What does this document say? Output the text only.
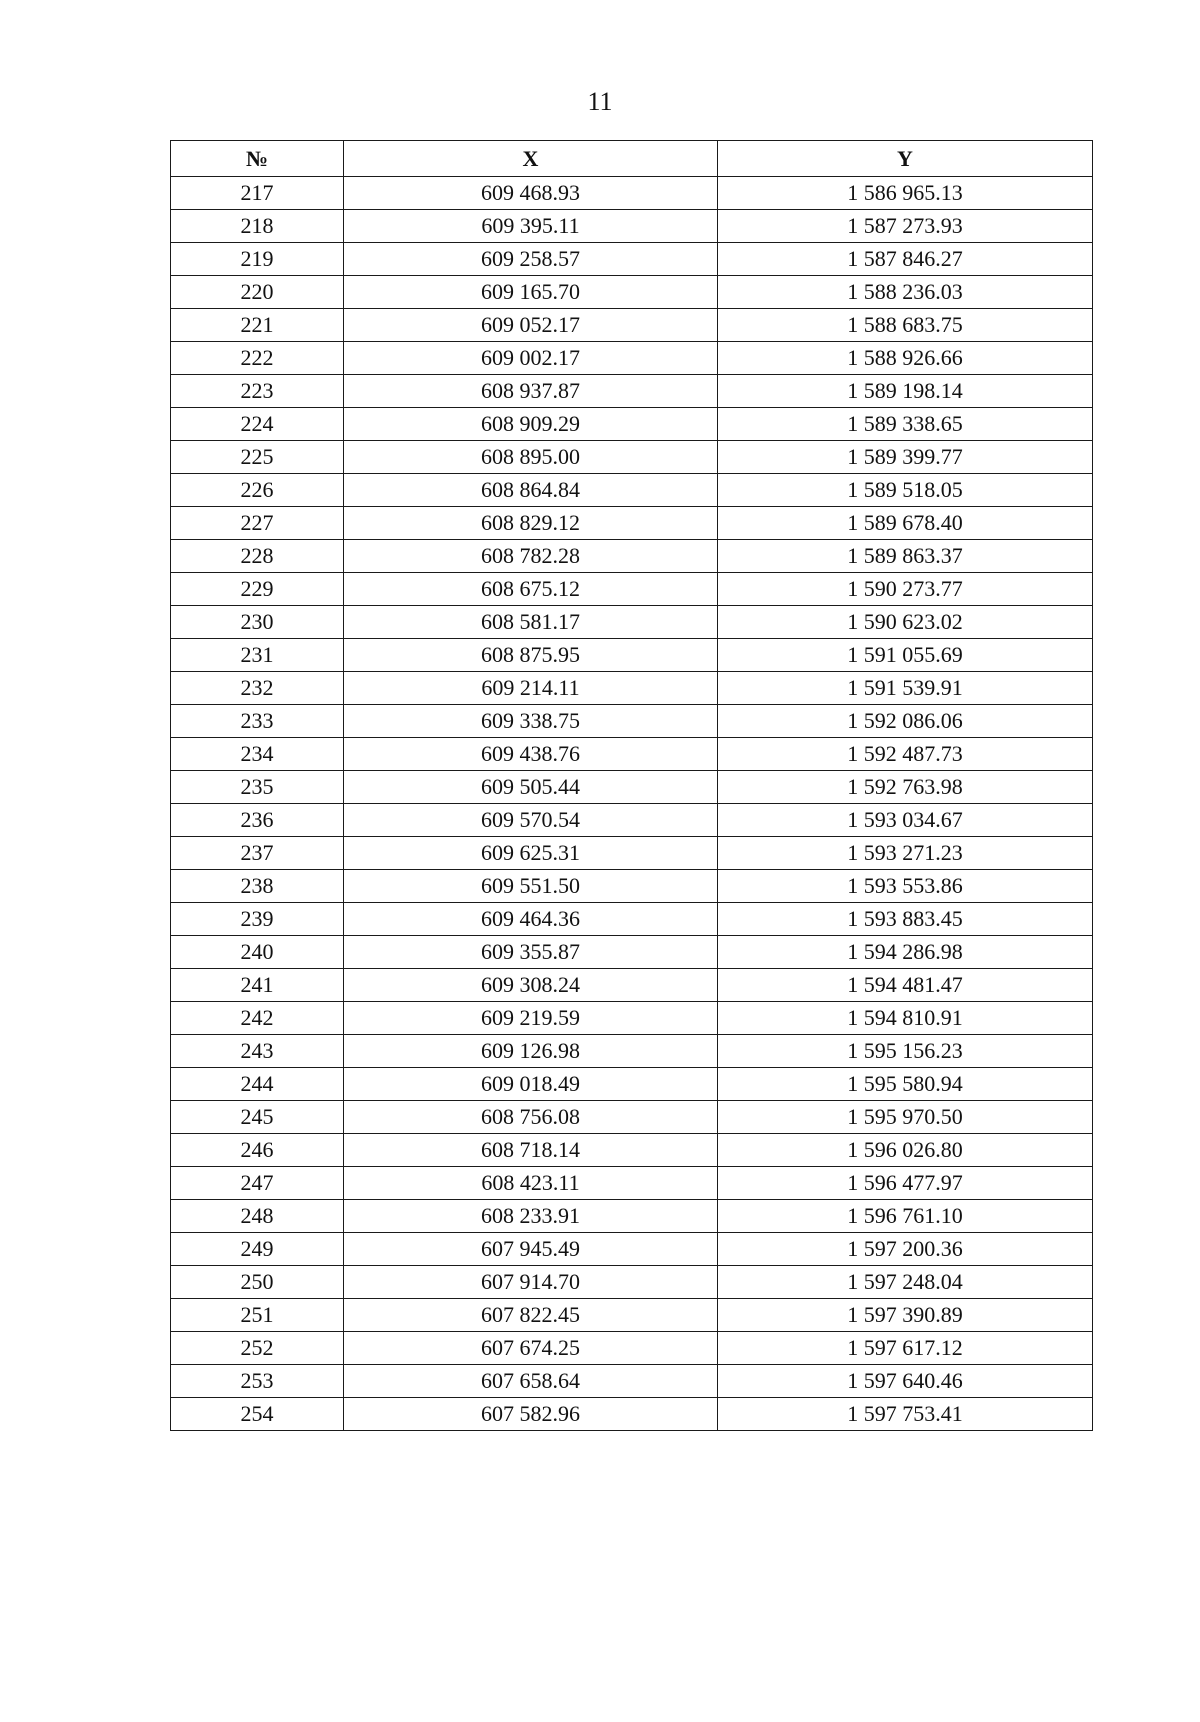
11
№	X	Y
217	609 468.93	1 586 965.13
218	609 395.11	1 587 273.93
219	609 258.57	1 587 846.27
220	609 165.70	1 588 236.03
221	609 052.17	1 588 683.75
222	609 002.17	1 588 926.66
223	608 937.87	1 589 198.14
224	608 909.29	1 589 338.65
225	608 895.00	1 589 399.77
226	608 864.84	1 589 518.05
227	608 829.12	1 589 678.40
228	608 782.28	1 589 863.37
229	608 675.12	1 590 273.77
230	608 581.17	1 590 623.02
231	608 875.95	1 591 055.69
232	609 214.11	1 591 539.91
233	609 338.75	1 592 086.06
234	609 438.76	1 592 487.73
235	609 505.44	1 592 763.98
236	609 570.54	1 593 034.67
237	609 625.31	1 593 271.23
238	609 551.50	1 593 553.86
239	609 464.36	1 593 883.45
240	609 355.87	1 594 286.98
241	609 308.24	1 594 481.47
242	609 219.59	1 594 810.91
243	609 126.98	1 595 156.23
244	609 018.49	1 595 580.94
245	608 756.08	1 595 970.50
246	608 718.14	1 596 026.80
247	608 423.11	1 596 477.97
248	608 233.91	1 596 761.10
249	607 945.49	1 597 200.36
250	607 914.70	1 597 248.04
251	607 822.45	1 597 390.89
252	607 674.25	1 597 617.12
253	607 658.64	1 597 640.46
254	607 582.96	1 597 753.41
